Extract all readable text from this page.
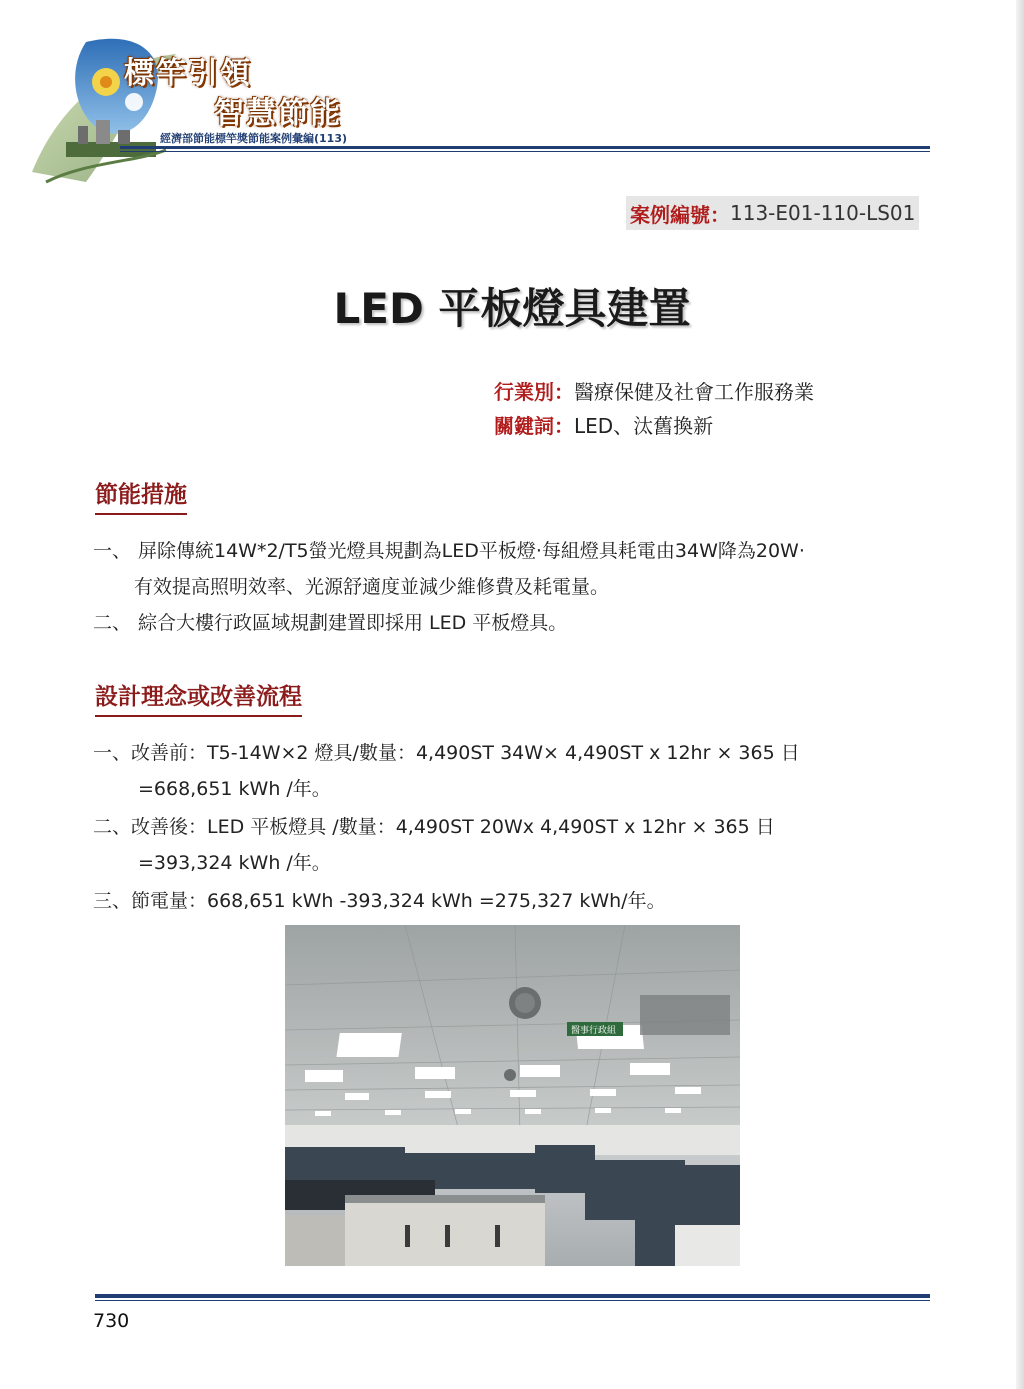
標竿引領
智慧節能
經濟部節能標竿獎節能案例彙編(113)
案例編號： 113-E01-110-LS01
LED 平板燈具建置
行業別：醫療保健及社會工作服務業
關鍵詞：LED、汰舊換新
節能措施
一、 屏除傳統14W*2/T5螢光燈具規劃為LED平板燈‧每組燈具耗電由34W降為20W‧
有效提高照明效率、光源舒適度並減少維修費及耗電量。
二、 綜合大樓行政區域規劃建置即採用 LED 平板燈具。
設計理念或改善流程
一、改善前：T5-14W×2 燈具/數量：4,490ST 34W× 4,490ST x 12hr × 365 日
=668,651 kWh /年。
二、改善後：LED 平板燈具 /數量：4,490ST 20Wx 4,490ST x 12hr × 365 日
=393,324 kWh /年。
三、節電量：668,651 kWh -393,324 kWh =275,327 kWh/年。
醫事行政組
730
